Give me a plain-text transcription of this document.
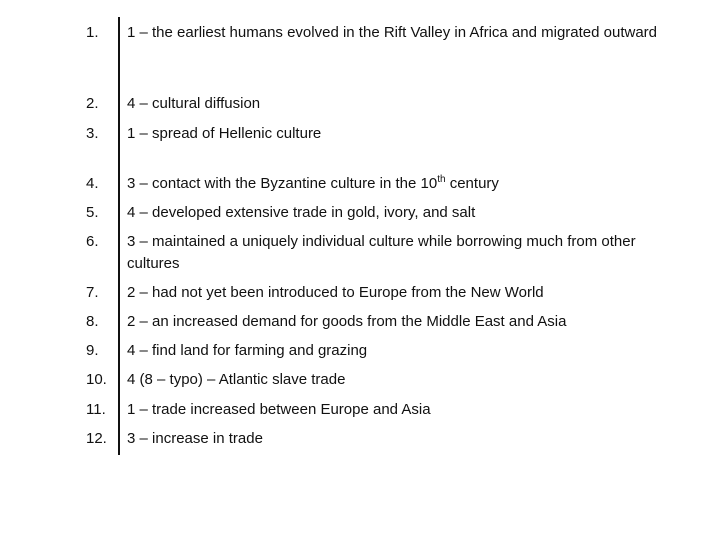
1.	1 – the earliest humans evolved in the Rift Valley in Africa and migrated outward
2.	4 – cultural diffusion
3.	1 – spread of Hellenic culture
4.	3 – contact with the Byzantine culture in the 10th century
5.	4 – developed extensive trade in gold, ivory, and salt
6.	3 – maintained a uniquely individual culture while borrowing much from other cultures
7.	2 – had not yet been introduced to Europe from the New World
8.	2 – an increased demand for goods from the Middle East and Asia
9.	4 – find land for farming and grazing
10.	4 (8 – typo) – Atlantic slave trade
11.	1 – trade increased between Europe and Asia
12.	3 – increase in trade
